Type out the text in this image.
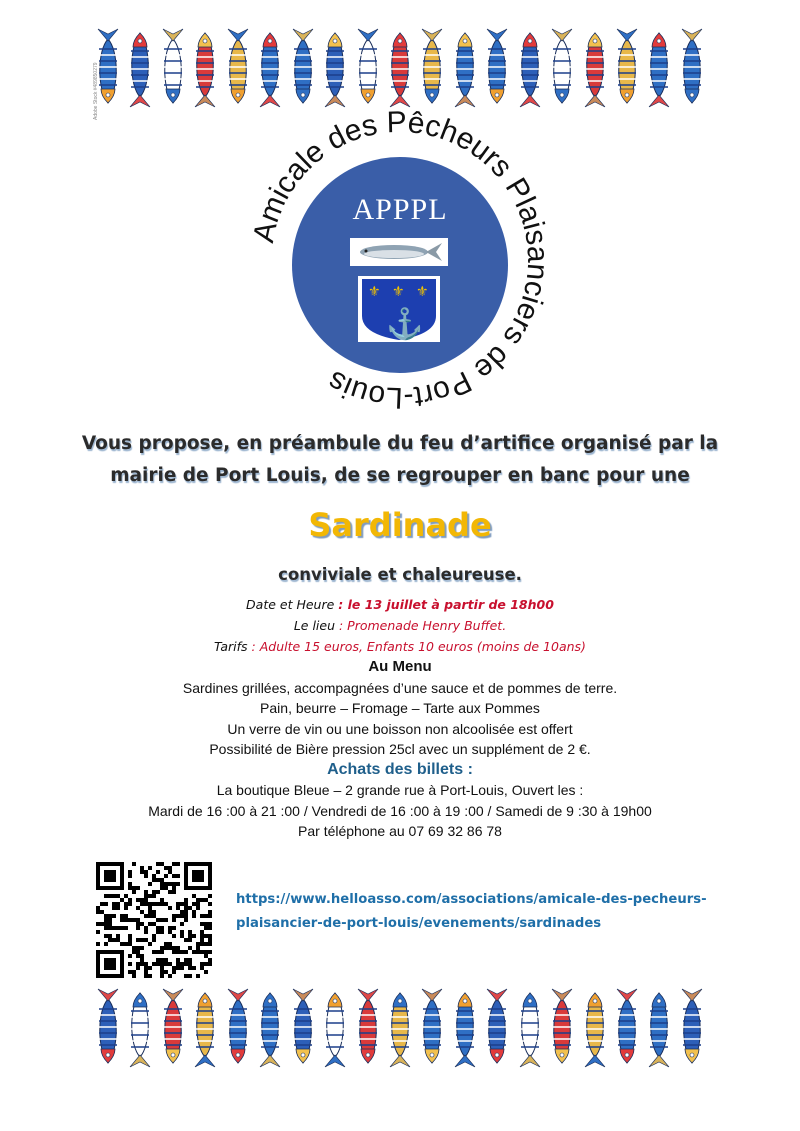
Adobe Stock #489850279
Amicale des Pêcheurs Plaisanciers de Port-Louis
APPPL
⚜ ⚜ ⚜
⚓
Vous propose, en préambule du feu d’artifice organisé par la
mairie de Port Louis, de se regrouper en banc pour une
Sardinade
conviviale et chaleureuse.
Date et Heure : le 13 juillet à partir de 18h00
Le lieu : Promenade Henry Buffet.
Tarifs : Adulte 15 euros, Enfants 10 euros (moins de 10ans)
Au Menu
Sardines grillées, accompagnées d’une sauce et de pommes de terre.
Pain, beurre – Fromage – Tarte aux Pommes
Un verre de vin ou une boisson non alcoolisée est offert
Possibilité de Bière pression 25cl avec un supplément de 2 €.
Achats des billets :
La boutique Bleue – 2 grande rue à Port-Louis, Ouvert les :
Mardi de 16 :00 à 21 :00 / Vendredi de 16 :00 à 19 :00 / Samedi de 9 :30 à 19h00
Par téléphone au 07 69 32 86 78
https://www.helloasso.com/associations/amicale-des-pecheurs-
plaisancier-de-port-louis/evenements/sardinades
